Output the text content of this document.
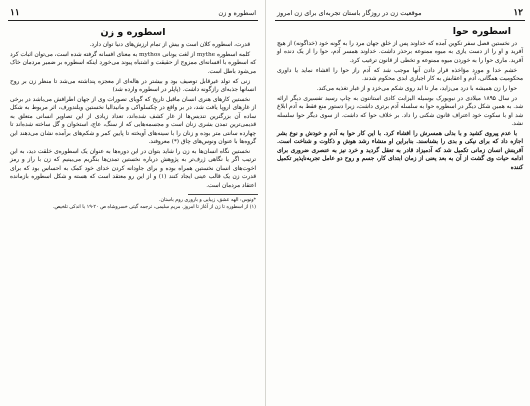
اسطوره و زن
۱۱
اسطوره و زن

قدرت، اسطوره کلان است و بیش از تمام ارزش‌های دنیا توان دارد.

کلمه اسطوره mythe از لغت یونانی mythos به معنای افسانه گرفته شده است، می‌توان اثبات کرد که اسطوره با افسانه‌ای ممزوج از حقیقت و اشتباه پیوند می‌خورد اینکه اسطوره بر ضمیر مردمان خاک می‌شود باطل است.

زنی که تولد غیرقابل توصیف بود و بیشتر در هاله‌ای از معجزه پنداشته می‌شد تا منظر زن بر روح انسانها جذبه‌ای رازگونه داشت. (پاپلر در اسطوره وارده شد)

نخستین کارهای هنری انسان ماقبل تاریخ که گویای تصورات وی از جهان اطرافش می‌باشد در برخی از غارهای اروپا یافت شد، در بر واقع در چکسلواکی و مانیدالیا نخستین ویلندورف، اثر مربوط به شکل ساده آن بزرگترین تندیس‌ها از غار کشف شده‌اند، تعداد زیادی از این تصاویر انسانی متعلق به قدیمی‌ترین تمدن بشری زنان است و مجسمه‌هایی که از سنگ، عاج، استخوان و گل ساخته شده‌اند تا چهارده سانتی متر بوده و زنان را با سینه‌های آویخته تا پایین کمر و شکم‌های برآمده نشان می‌دهند این گروه‌ها با عنوان ونوس‌های چاق (*) معروفند.

نخستین نگاه انسان‌ها به زن را شاید بتوان در این دوره‌ها به عنوان یک اسطوره‌ی خلقت دید، به این ترتیب اگر یا نگاهی ژرف‌تر به پژوهش درباره نخستین تمدن‌ها بنگریم می‌بینیم که زن با راز و رمز اخوت‌های انسان نخستین همراه بوده و برای جاودانه کردن خدای خود کمک به احساس بود که برای قدرت زن یک قالب عینی ایجاد کنند (۱) و از این رو معتقد است که هسته و شکل اسطوره بازمانده اعتقاد مردمان است.

*ونوس: الهه عشق، زیبایی و باروری روم باستان.
(۱) از اسطوره تا زن از آغاز تا امروز. مریم سلیمی، ترجمه گیتی خسروشاه ص ۲۰-۱۹ با اندکی تلخیص.
۱۲
موقعیت زن در روزگار باستان تجربه‌ای برای زن امروز
اسطوره حوا

در نخستین فصل سفر تکوین آمده که خداوند پس از خلق جهان مرد را به گونه خود (خداگونه) از هیچ آفرید و او را از دست یازی به میوه ممنوعه برحذر داشت. خداوند همسر آدم، حوا را از یک دنده او آفرید. ماری حوا را به خوردن میوه ممنوعه و تخطی از قانون ترغیب کرد.

خشم خدا و مورد مؤاخذه قرار دادن آنها موجب شد که آدم راز حوا را افشاء نماید یا داوری محکومیت همگانی، آدم و اعقابش به کار اجباری ابدی محکوم شدند.

حوا را زن همیشه با درد می‌زاید، مار تا ابد روی شکم می‌خزد و از غبار تغذیه می‌کند.

در سال ۱۸۹۵ میلادی در نیویورک بوسیله الیزابت کادی استانتون به چاپ رسید تفسیری دیگر ارائه شد. به همین شکل دیگر در اسطوره حوا به سلسله آدم برتری داشت، زیرا دستور منع فقط به آدم ابلاغ شد او با سکوت خود اعتراف قانون شکنی را داد. بر خلاف حوا که داشت. از سوی دیگر حوا سلسله نشد.

با عدم پیروی کشید و با بدلی همسرش را افشاء کرد. با این کار حوا به آدم و خودش و نوع بشر اجازه داد که برای نیکی و بدی را بشناسند. بنابراین او منشاء رشد هوش و ذکاوت و شناخت است. آفرینش انسان زمانی تکمیل شد که آدمیزاد قادر به تعقل گردید و خرد نیز به عنصری ضروری برای ادامه حیات وی گشت از آن به بعد یعنی از زمان ابتدای کار، جسم و روح دو عامل تجربه‌ناپذیر تکمیل کننده
